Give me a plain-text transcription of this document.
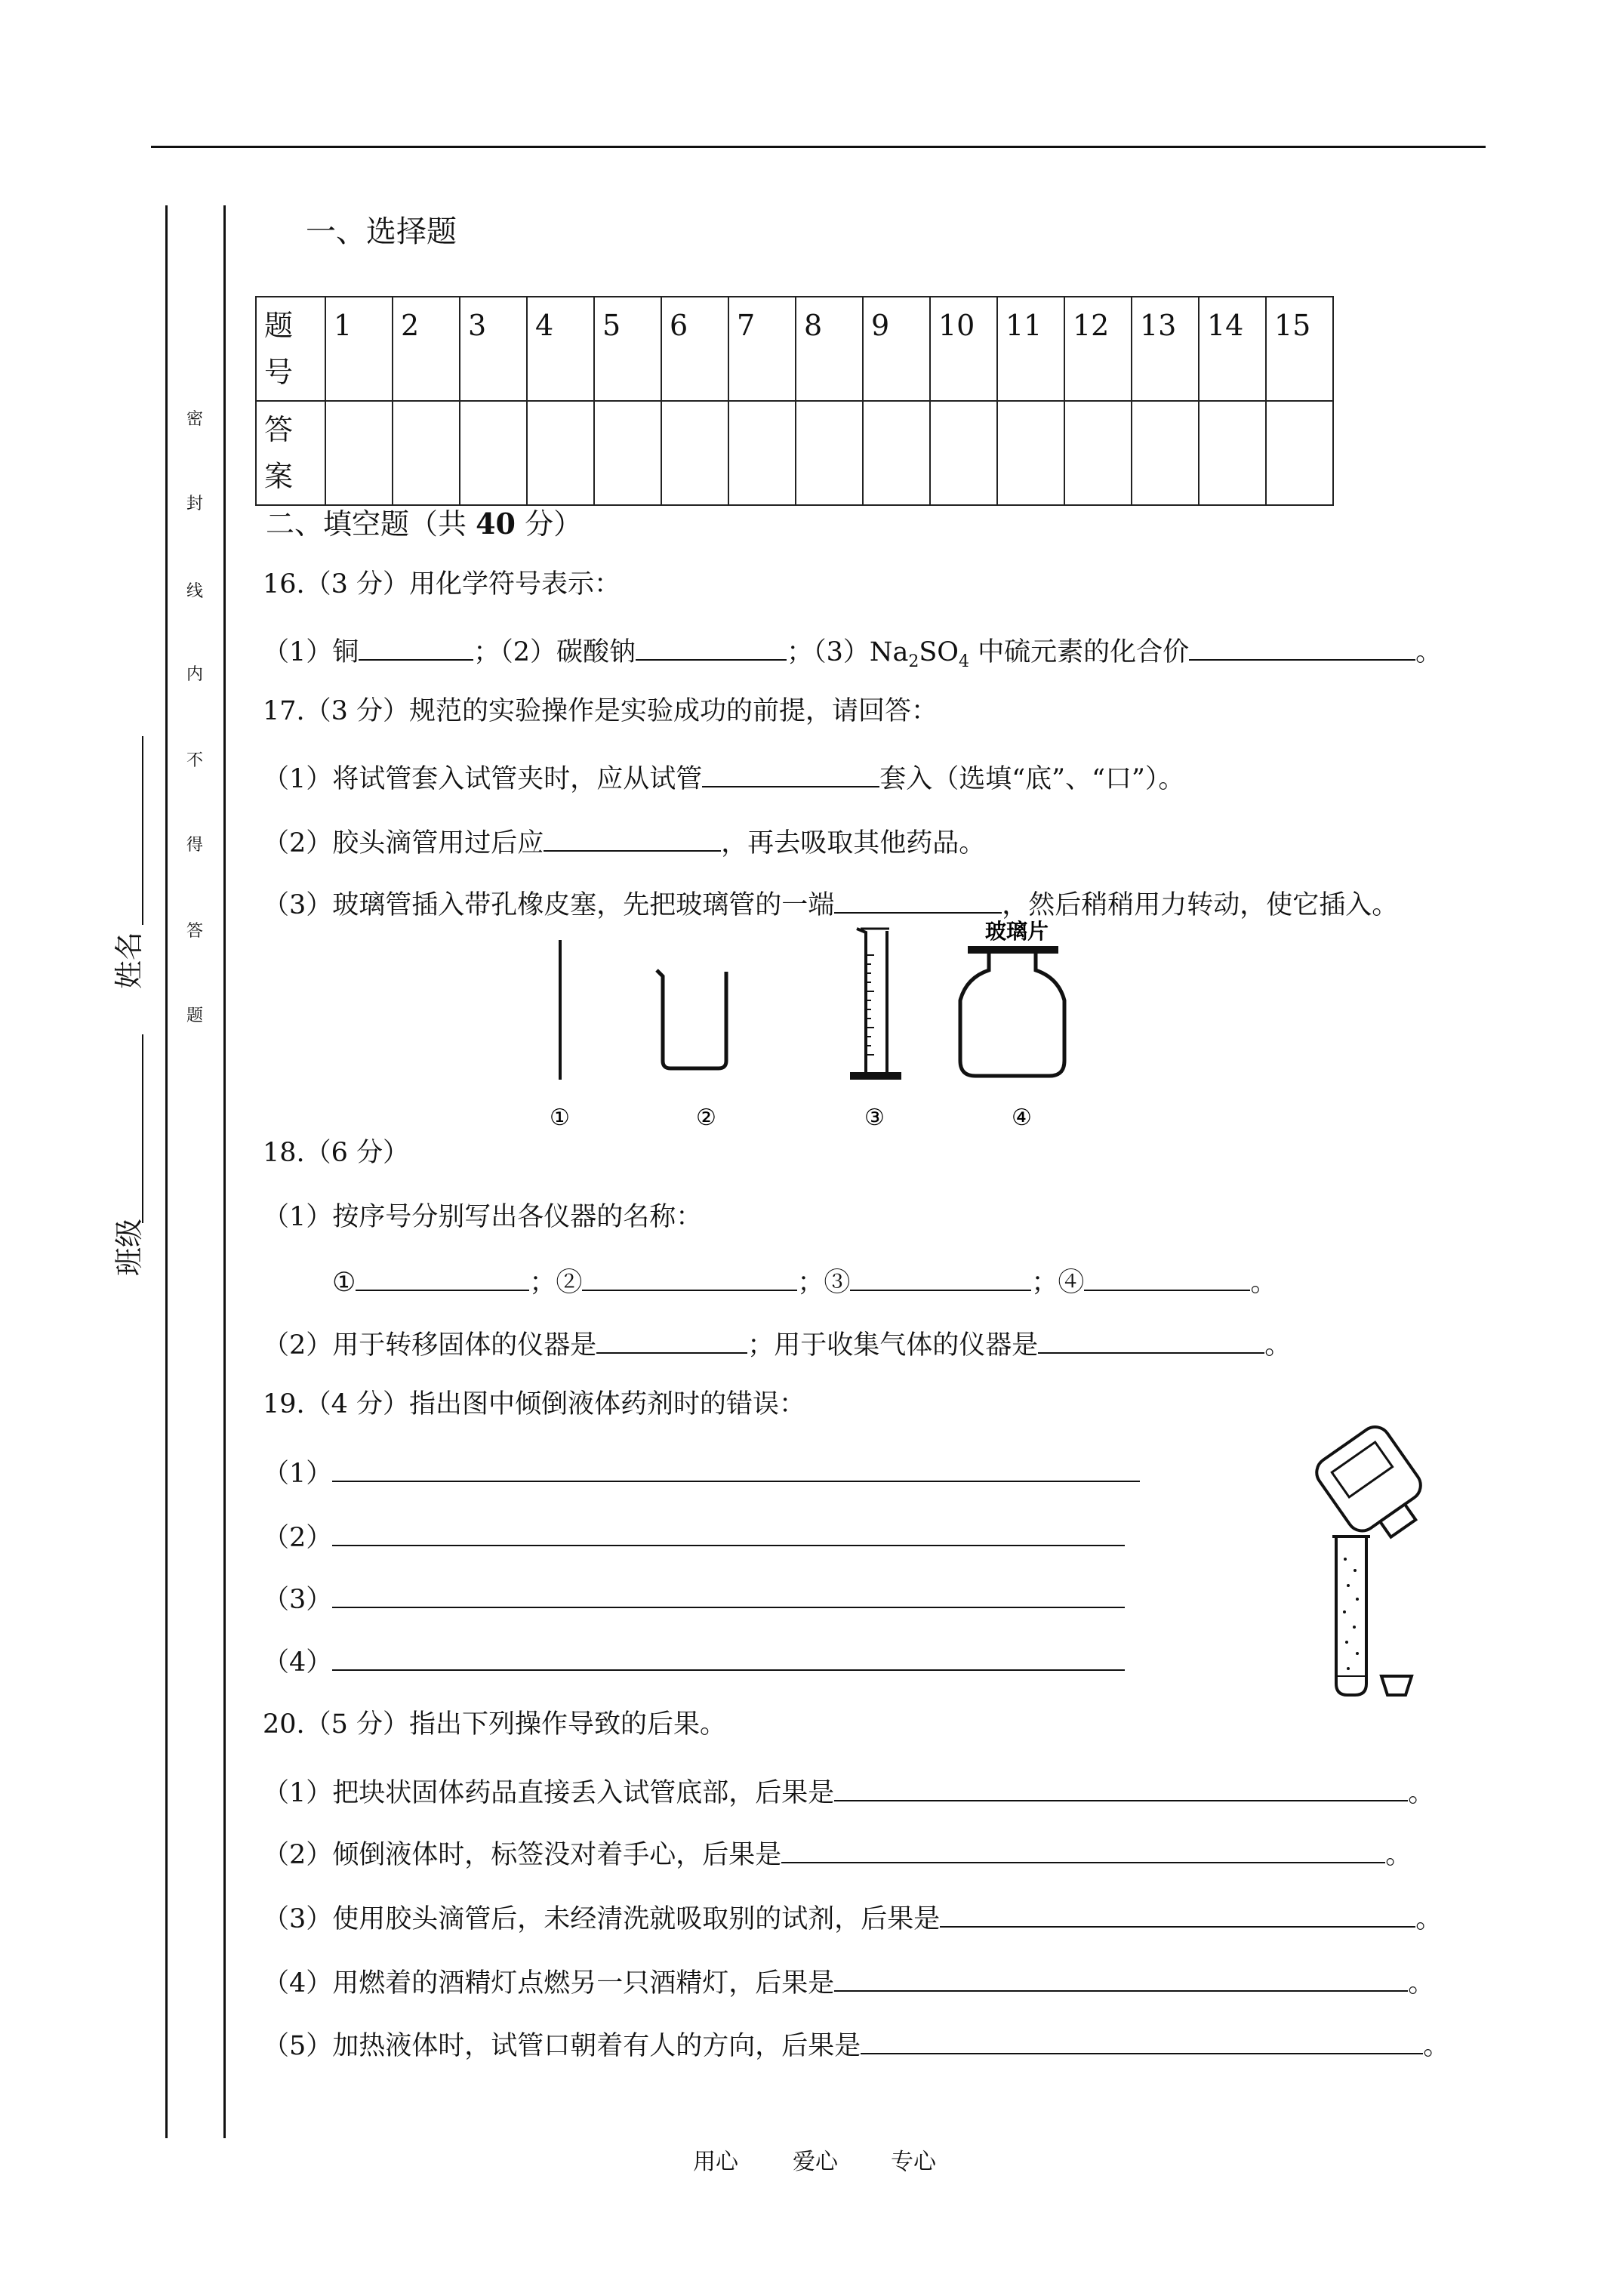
密
封
线
内
不
得
答
题
姓名
班级
一、选择题
题号	1	2	3	4	5	6	7	8	9	10	11	12	13	14	15
答案															
二、填空题（共 40 分）
16.（3 分）用化学符号表示：
（1）铜	；（2）碳酸钠	；$(3)Na_2SO_4$ 中硫元素的化合价	。
17.（3 分）规范的实验操作是实验成功的前提，请回答：
（1）将试管套入试管夹时，应从试管	套入（选填“底”、“口”）。
（2）胶头滴管用过后应	，再去吸取其他药品。
（3）玻璃管插入带孔橡皮塞，先把玻璃管的一端	，然后稍稍用力转动，使它插入。
玻璃片
①	②	③	④
18.（6 分）
（1）按序号分别写出各仪器的名称：
①	；②	；③	；④	。
（2）用于转移固体的仪器是	；用于收集气体的仪器是	。
19.（4 分）指出图中倾倒液体药剂时的错误：
（1）
（2）
（3）
（4）
20.（5 分）指出下列操作导致的后果。
（1）把块状固体药品直接丢入试管底部，后果是	。
（2）倾倒液体时，标签没对着手心，后果是	。
（3）使用胶头滴管后，未经清洗就吸取别的试剂，后果是	。
（4）用燃着的酒精灯点燃另一只酒精灯，后果是	。
（5）加热液体时，试管口朝着有人的方向，后果是	。
用心 爱心 专心
